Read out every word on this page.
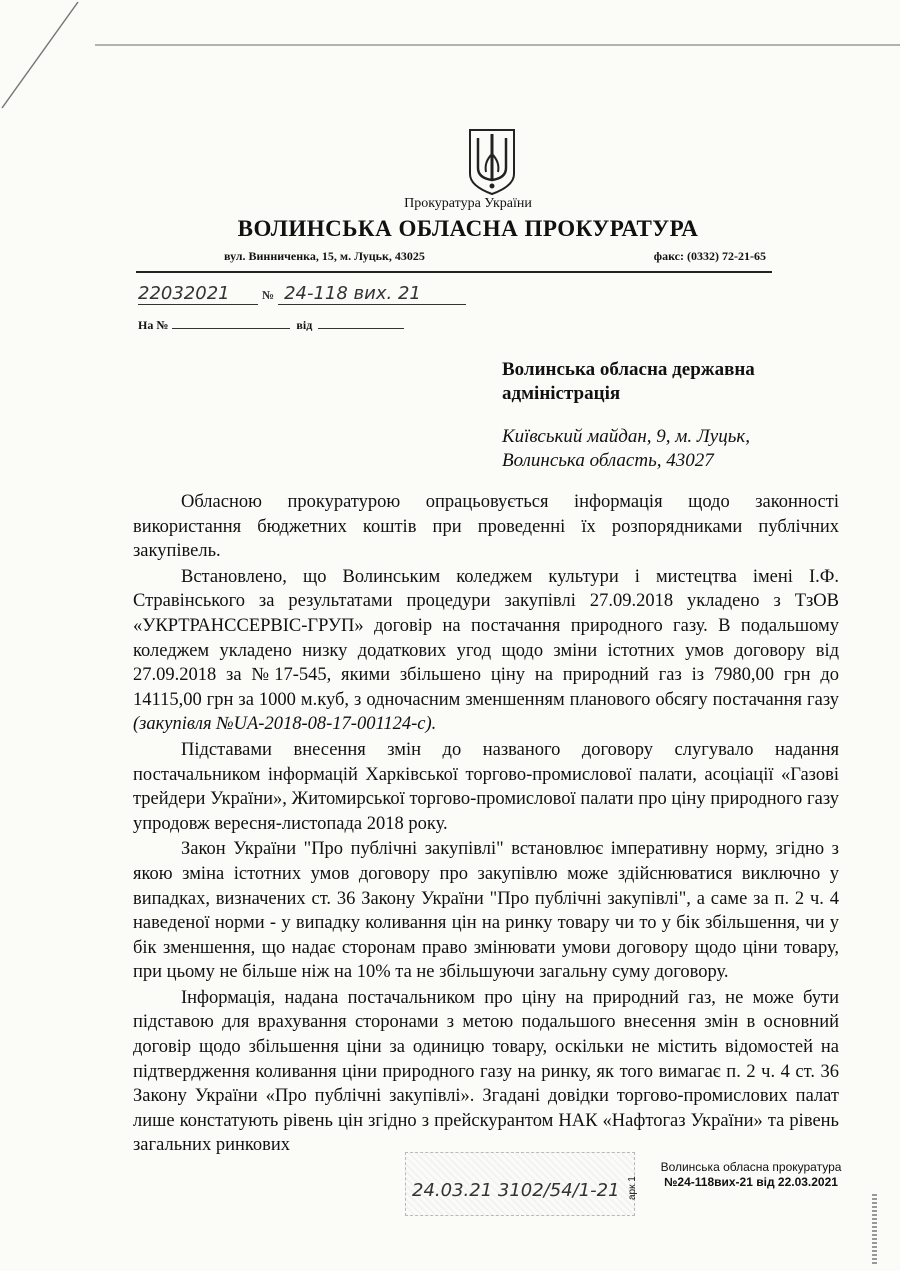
Прокуратура України
ВОЛИНСЬКА ОБЛАСНА ПРОКУРАТУРА
вул. Винниченка, 15, м. Луцьк, 43025	факс: (0332) 72-21-65
22032021	№ 24-118 вих. 21
На №	від
Волинська обласна державна
адміністрація
Київський майдан, 9, м. Луцьк,
Волинська область, 43027

Обласною прокуратурою опрацьовується інформація щодо законності використання бюджетних коштів при проведенні їх розпорядниками публічних закупівель.

Встановлено, що Волинським коледжем культури і мистецтва імені І.Ф. Стравінського за результатами процедури закупівлі 27.09.2018 укладено з ТзОВ «УКРТРАНССЕРВІС-ГРУП» договір на постачання природного газу. В подальшому коледжем укладено низку додаткових угод щодо зміни істотних умов договору від 27.09.2018 за №17-545, якими збільшено ціну на природний газ із 7980,00 грн до 14115,00 грн за 1000 м.куб, з одночасним зменшенням планового обсягу постачання газу (закупівля №UA-2018-08-17-001124-c).

Підставами внесення змін до названого договору слугувало надання постачальником інформацій Харківської торгово-промислової палати, асоціації «Газові трейдери України», Житомирської торгово-промислової палати про ціну природного газу упродовж вересня-листопада 2018 року.

Закон України "Про публічні закупівлі" встановлює імперативну норму, згідно з якою зміна істотних умов договору про закупівлю може здійснюватися виключно у випадках, визначених ст. 36 Закону України "Про публічні закупівлі", а саме за п. 2 ч. 4 наведеної норми - у випадку коливання цін на ринку товару чи то у бік збільшення, чи у бік зменшення, що надає сторонам право змінювати умови договору щодо ціни товару, при цьому не більше ніж на 10% та не збільшуючи загальну суму договору.

Інформація, надана постачальником про ціну на природний газ, не може бути підставою для врахування сторонами з метою подальшого внесення змін в основний договір щодо збільшення ціни за одиницю товару, оскільки не містить відомостей на підтвердження коливання ціни природного газу на ринку, як того вимагає п. 2 ч. 4 ст. 36 Закону України «Про публічні закупівлі». Згадані довідки торгово-промислових палат лише констатують рівень цін згідно з прейскурантом НАК «Нафтогаз України» та рівень загальних ринкових

24.03.21 3102/54/1-21
Волинська обласна прокуратура
№24-118вих-21 від 22.03.2021
арк 1
